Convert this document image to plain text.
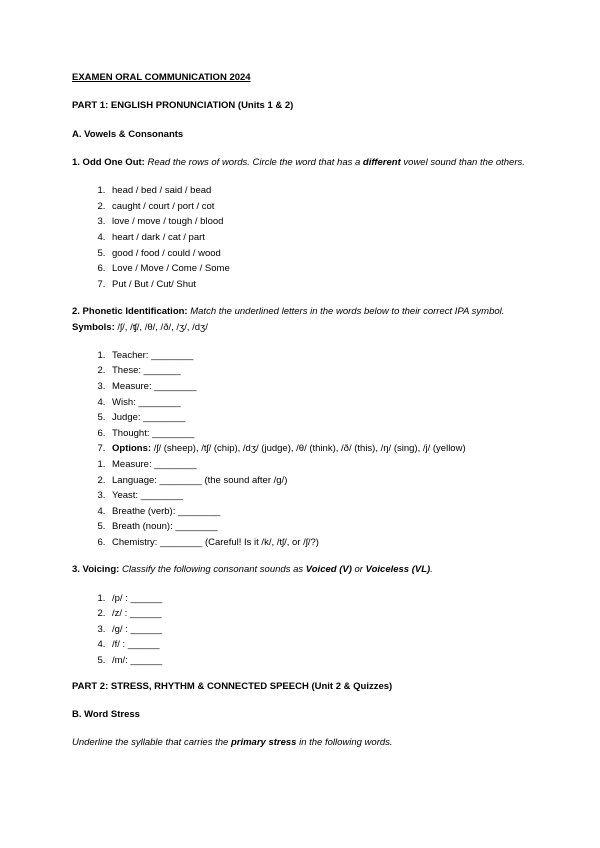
EXAMEN ORAL COMMUNICATION 2024

PART 1: ENGLISH PRONUNCIATION (Units 1 & 2)

A. Vowels & Consonants

1. Odd One Out: Read the rows of words. Circle the word that has a different vowel sound than the others.

1. head / bed / said / bead
2. caught / court / port / cot
3. love / move / tough / blood
4. heart / dark / cat / part
5. good / food / could / wood
6. Love / Move / Come / Some
7. Put / But / Cut/ Shut

2. Phonetic Identification: Match the underlined letters in the words below to their correct IPA symbol. Symbols: /ʃ/, /ʧ/, /θ/, /ð/, /ʒ/, /dʒ/

1. Teacher: ________
2. These: _______
3. Measure: ________
4. Wish: ________
5. Judge: ________
6. Thought: ________
7. Options: /ʃ/ (sheep), /tʃ/ (chip), /dʒ/ (judge), /θ/ (think), /ð/ (this), /ŋ/ (sing), /j/ (yellow)
1. Measure: ________
2. Language: ________ (the sound after /g/)
3. Yeast: ________
4. Breathe (verb): ________
5. Breath (noun): ________
6. Chemistry: ________ (Careful! Is it /k/, /tʃ/, or /ʃ/?)

3. Voicing: Classify the following consonant sounds as Voiced (V) or Voiceless (VL).

1. /p/ : ______
2. /z/ : ______
3. /g/ : ______
4. /f/ : ______
5. /m/: ______

PART 2: STRESS, RHYTHM & CONNECTED SPEECH (Unit 2 & Quizzes)

B. Word Stress

Underline the syllable that carries the primary stress in the following words.
